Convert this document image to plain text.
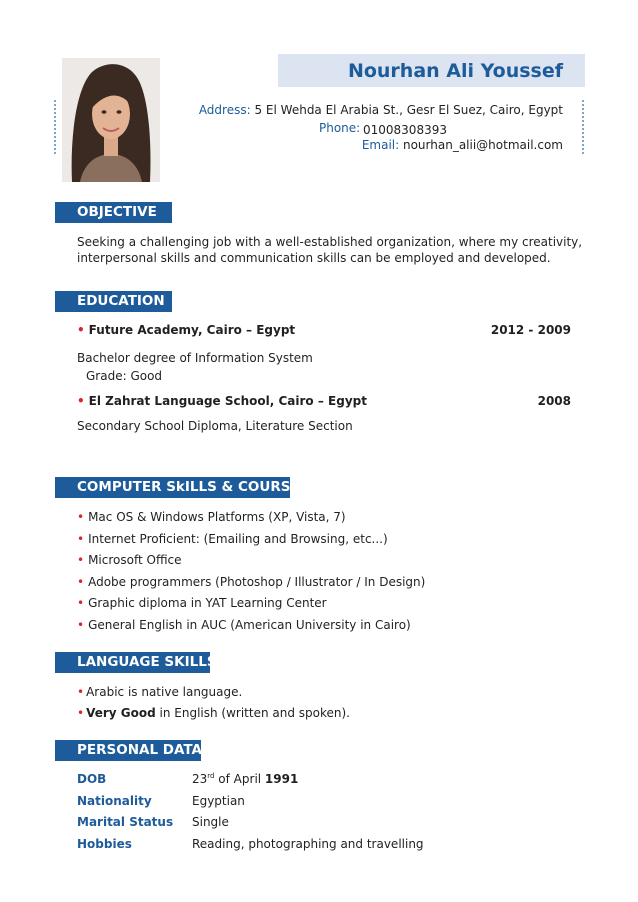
Nourhan Ali Youssef
Address: 5 El Wehda El Arabia St., Gesr El Suez, Cairo, Egypt
Phone: 01008308393
Email: nourhan_alii@hotmail.com
OBJECTIVE
Seeking a challenging job with a well-established organization, where my creativity,
interpersonal skills and communication skills can be employed and developed.
EDUCATION
• Future Academy, Cairo – Egypt	2012 - 2009
Bachelor degree of Information System
Grade: Good
• El Zahrat Language School, Cairo – Egypt	2008
Secondary School Diploma, Literature Section
COMPUTER SkILLS & COURSES
• Mac OS & Windows Platforms (XP, Vista, 7)
• Internet Proficient: (Emailing and Browsing, etc...)
• Microsoft Office
• Adobe programmers (Photoshop / Illustrator / In Design)
• Graphic diploma in YAT Learning Center
• General English in AUC (American University in Cairo)
LANGUAGE SKILLS
• Arabic is native language.
• Very Good in English (written and spoken).
PERSONAL DATA
DOB	23rd of April 1991
Nationality	Egyptian
Marital Status Single
Hobbies	Reading, photographing and travelling
